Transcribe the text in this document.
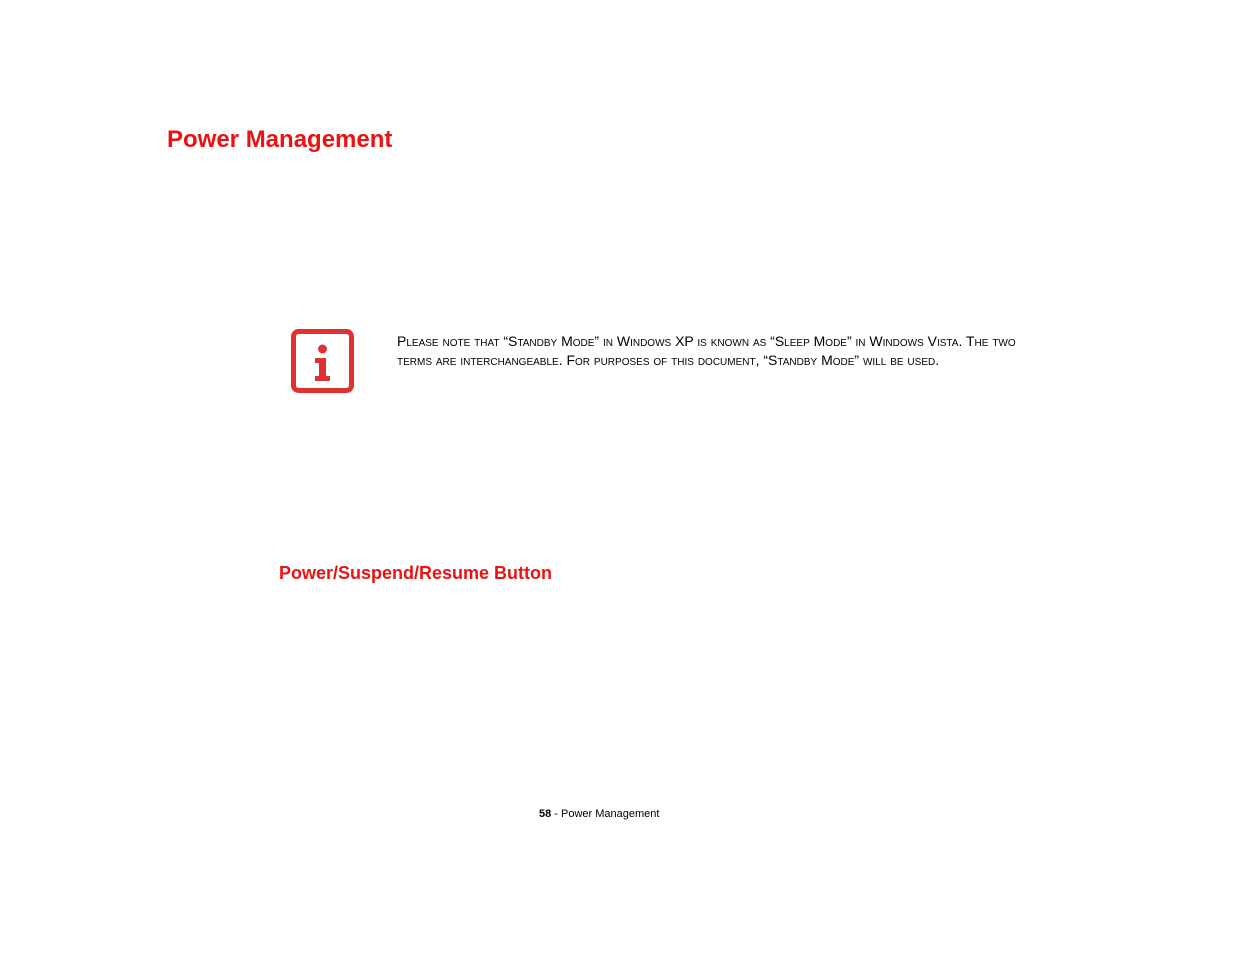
Power Management

Please note that “Standby Mode” in Windows XP is known as “Sleep Mode” in Windows Vista. The two terms are interchangeable. For purposes of this document, “Standby Mode” will be used.

Power/Suspend/Resume Button
58 - Power Management
